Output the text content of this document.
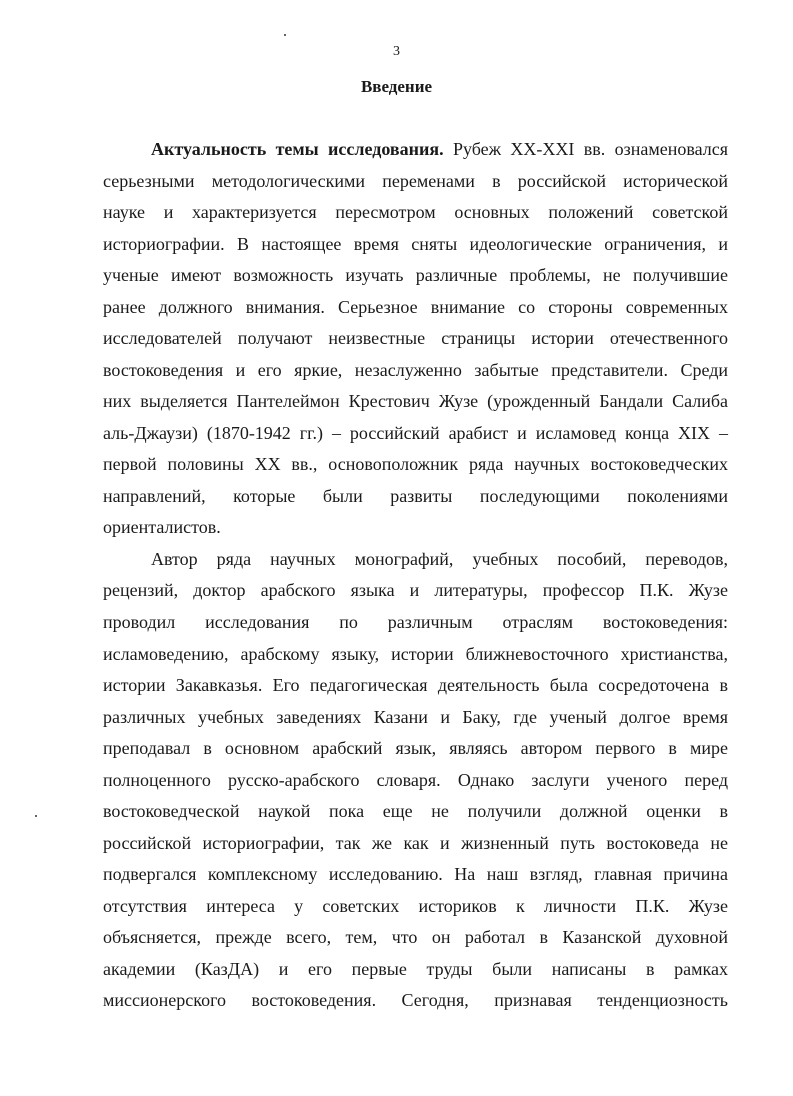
3
Введение
Актуальность темы исследования. Рубеж XX-XXI вв. ознаменовался
серьезными методологическими переменами в российской исторической
науке и характеризуется пересмотром основных положений советской
историографии. В настоящее время сняты идеологические ограничения, и
ученые имеют возможность изучать различные проблемы, не получившие
ранее должного внимания. Серьезное внимание со стороны современных
исследователей получают неизвестные страницы истории отечественного
востоковедения и его яркие, незаслуженно забытые представители. Среди
них выделяется Пантелеймон Крестович Жузе (урожденный Бандали Салиба
аль-Джаузи) (1870-1942 гг.) – российский арабист и исламовед конца XIX –
первой половины XX вв., основоположник ряда научных востоковедческих
направлений, которые были развиты последующими поколениями
ориенталистов.
Автор ряда научных монографий, учебных пособий, переводов,
рецензий, доктор арабского языка и литературы, профессор П.К. Жузе
проводил исследования по различным отраслям востоковедения:
исламоведению, арабскому языку, истории ближневосточного христианства,
истории Закавказья. Его педагогическая деятельность была сосредоточена в
различных учебных заведениях Казани и Баку, где ученый долгое время
преподавал в основном арабский язык, являясь автором первого в мире
полноценного русско-арабского словаря. Однако заслуги ученого перед
востоковедческой наукой пока еще не получили должной оценки в
российской историографии, так же как и жизненный путь востоковеда не
подвергался комплексному исследованию. На наш взгляд, главная причина
отсутствия интереса у советских историков к личности П.К. Жузе
объясняется, прежде всего, тем, что он работал в Казанской духовной
академии (КазДА) и его первые труды были написаны в рамках
миссионерского востоковедения. Сегодня, признавая тенденциозность
